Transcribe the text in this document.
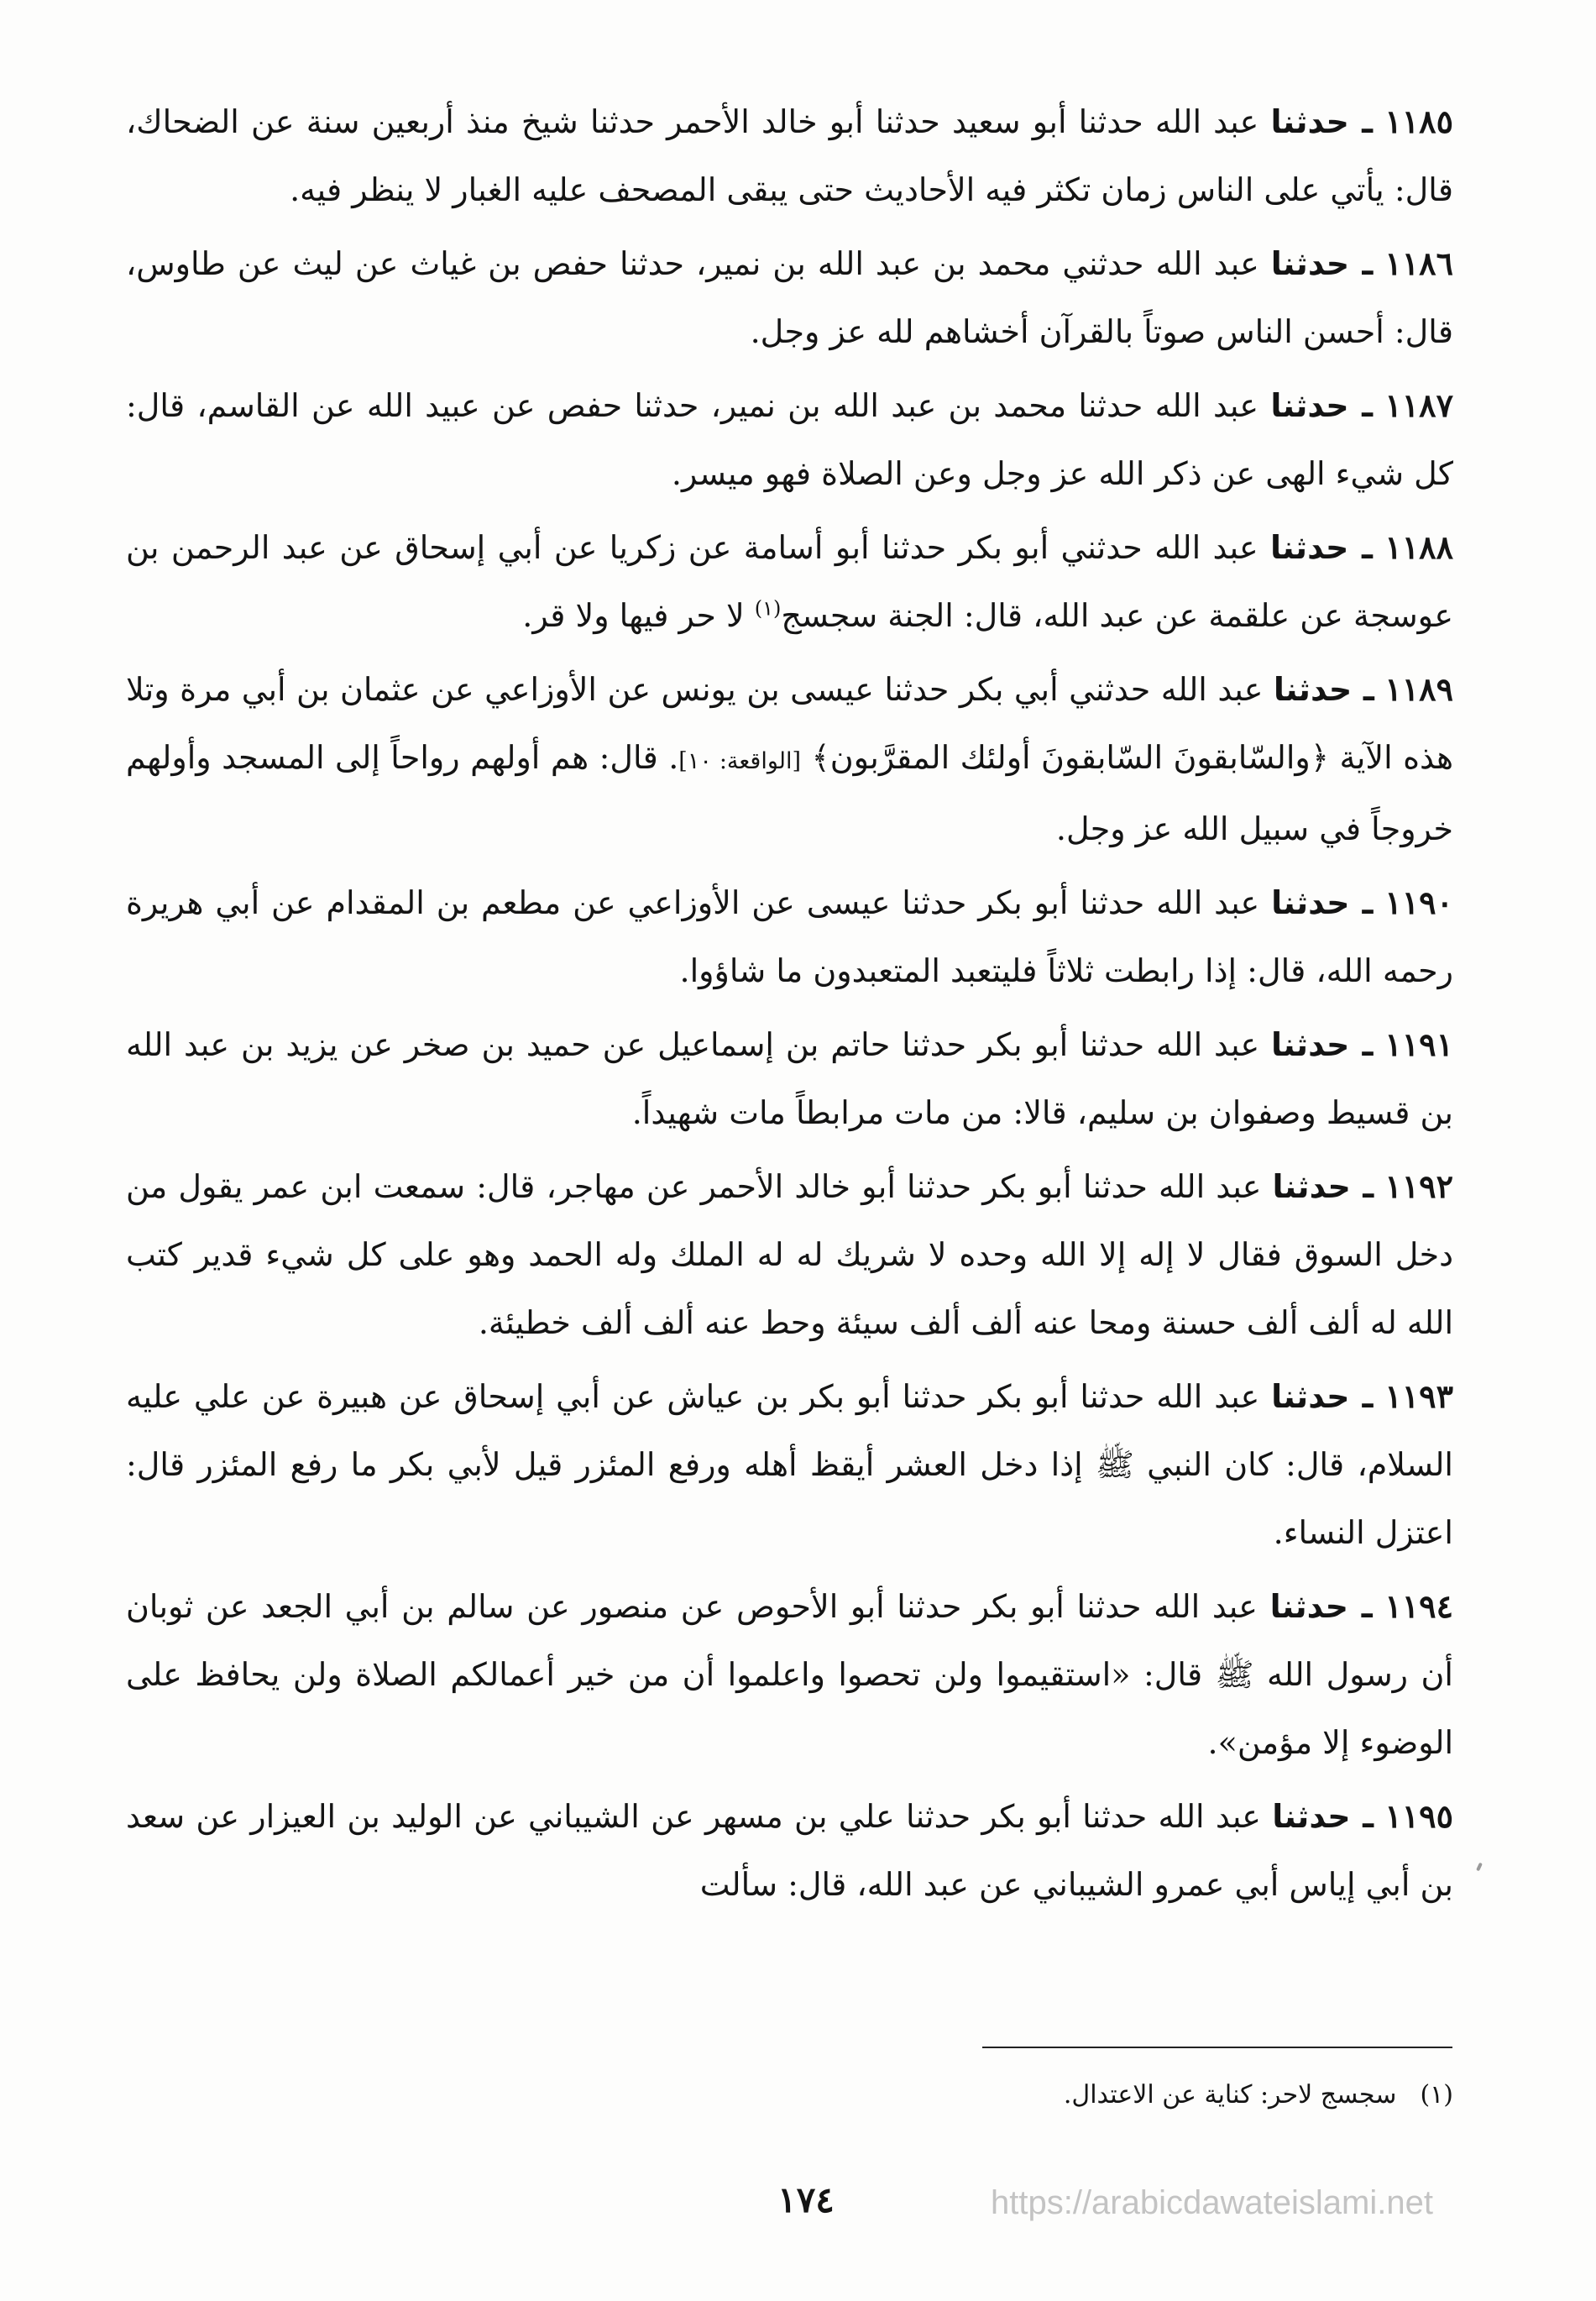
١١٨٥ ـ حدثنا عبد الله حدثنا أبو سعيد حدثنا أبو خالد الأحمر حدثنا شيخ منذ أربعين سنة عن الضحاك، قال: يأتي على الناس زمان تكثر فيه الأحاديث حتى يبقى المصحف عليه الغبار لا ينظر فيه.

١١٨٦ ـ حدثنا عبد الله حدثني محمد بن عبد الله بن نمير، حدثنا حفص بن غياث عن ليث عن طاوس، قال: أحسن الناس صوتاً بالقرآن أخشاهم لله عز وجل.

١١٨٧ ـ حدثنا عبد الله حدثنا محمد بن عبد الله بن نمير، حدثنا حفص عن عبيد الله عن القاسم، قال: كل شيء الهى عن ذكر الله عز وجل وعن الصلاة فهو ميسر.

١١٨٨ ـ حدثنا عبد الله حدثني أبو بكر حدثنا أبو أسامة عن زكريا عن أبي إسحاق عن عبد الرحمن بن عوسجة عن علقمة عن عبد الله، قال: الجنة سجسج$^{(١)}$ لا حر فيها ولا قر.

١١٨٩ ـ حدثنا عبد الله حدثني أبي بكر حدثنا عيسى بن يونس عن الأوزاعي عن عثمان بن أبي مرة وتلا هذه الآية ﴿والسّابقونَ السّابقونَ أولئك المقرَّبون﴾ [الواقعة: ١٠]. قال: هم أولهم رواحاً إلى المسجد وأولهم خروجاً في سبيل الله عز وجل.

١١٩٠ ـ حدثنا عبد الله حدثنا أبو بكر حدثنا عيسى عن الأوزاعي عن مطعم بن المقدام عن أبي هريرة رحمه الله، قال: إذا رابطت ثلاثاً فليتعبد المتعبدون ما شاؤوا.

١١٩١ ـ حدثنا عبد الله حدثنا أبو بكر حدثنا حاتم بن إسماعيل عن حميد بن صخر عن يزيد بن عبد الله بن قسيط وصفوان بن سليم، قالا: من مات مرابطاً مات شهيداً.

١١٩٢ ـ حدثنا عبد الله حدثنا أبو بكر حدثنا أبو خالد الأحمر عن مهاجر، قال: سمعت ابن عمر يقول من دخل السوق فقال لا إله إلا الله وحده لا شريك له له الملك وله الحمد وهو على كل شيء قدير كتب الله له ألف ألف حسنة ومحا عنه ألف ألف سيئة وحط عنه ألف ألف خطيئة.

١١٩٣ ـ حدثنا عبد الله حدثنا أبو بكر حدثنا أبو بكر بن عياش عن أبي إسحاق عن هبيرة عن علي عليه السلام، قال: كان النبي ﷺ إذا دخل العشر أيقظ أهله ورفع المئزر قيل لأبي بكر ما رفع المئزر قال: اعتزل النساء.

١١٩٤ ـ حدثنا عبد الله حدثنا أبو بكر حدثنا أبو الأحوص عن منصور عن سالم بن أبي الجعد عن ثوبان أن رسول الله ﷺ قال: «استقيموا ولن تحصوا واعلموا أن من خير أعمالكم الصلاة ولن يحافظ على الوضوء إلا مؤمن».

١١٩٥ ـ حدثنا عبد الله حدثنا أبو بكر حدثنا علي بن مسهر عن الشيباني عن الوليد بن العيزار عن سعد بن أبي إياس أبي عمرو الشيباني عن عبد الله، قال: سألت

(١)سجسج لاحر: كناية عن الاعتدال.
١٧٤	https://arabicdawateislami.net
